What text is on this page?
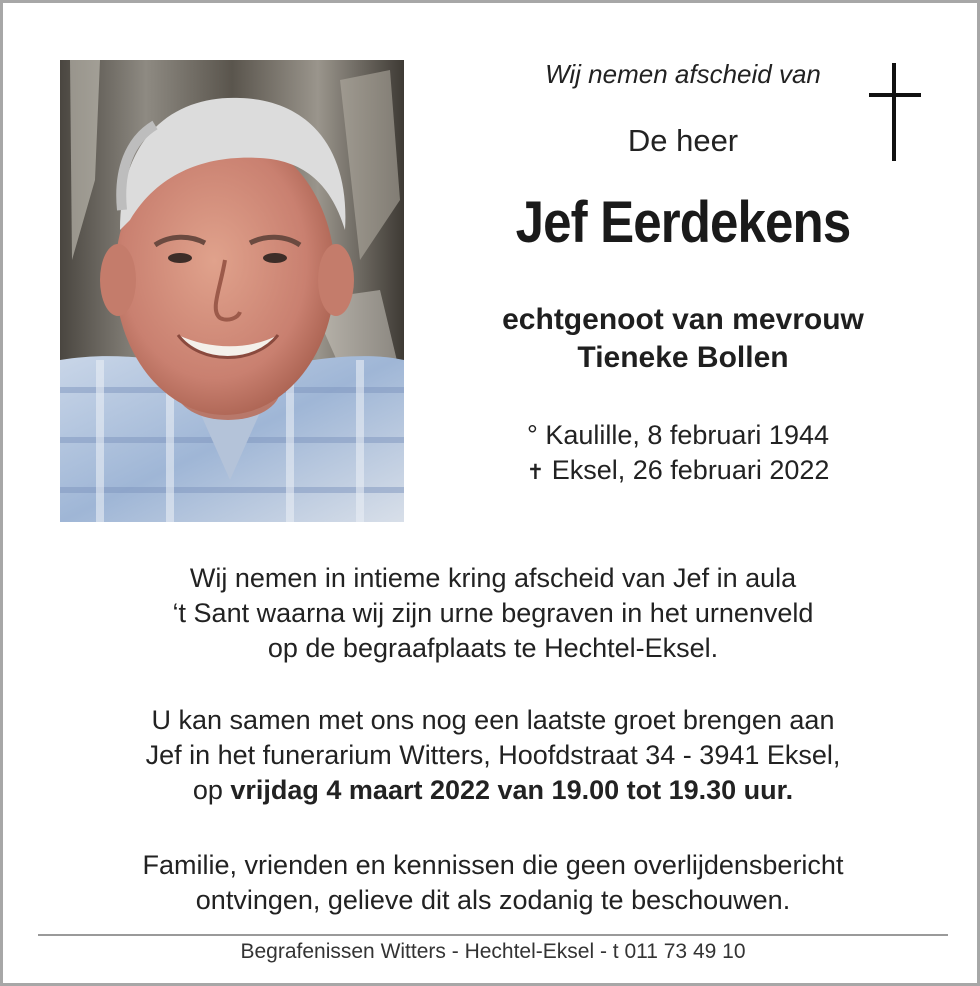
Wij nemen afscheid van
De heer
Jef Eerdekens
echtgenoot van mevrouw
Tieneke Bollen
° Kaulille, 8 februari 1944
✝ Eksel, 26 februari 2022
Wij nemen in intieme kring afscheid van Jef in aula
‘t Sant waarna wij zijn urne begraven in het urnenveld
op de begraafplaats te Hechtel-Eksel.
U kan samen met ons nog een laatste groet brengen aan
Jef in het funerarium Witters, Hoofdstraat 34 - 3941 Eksel,
op vrijdag 4 maart 2022 van 19.00 tot 19.30 uur.
Familie, vrienden en kennissen die geen overlijdensbericht
ontvingen, gelieve dit als zodanig te beschouwen.
Begrafenissen Witters - Hechtel-Eksel - t 011 73 49 10
